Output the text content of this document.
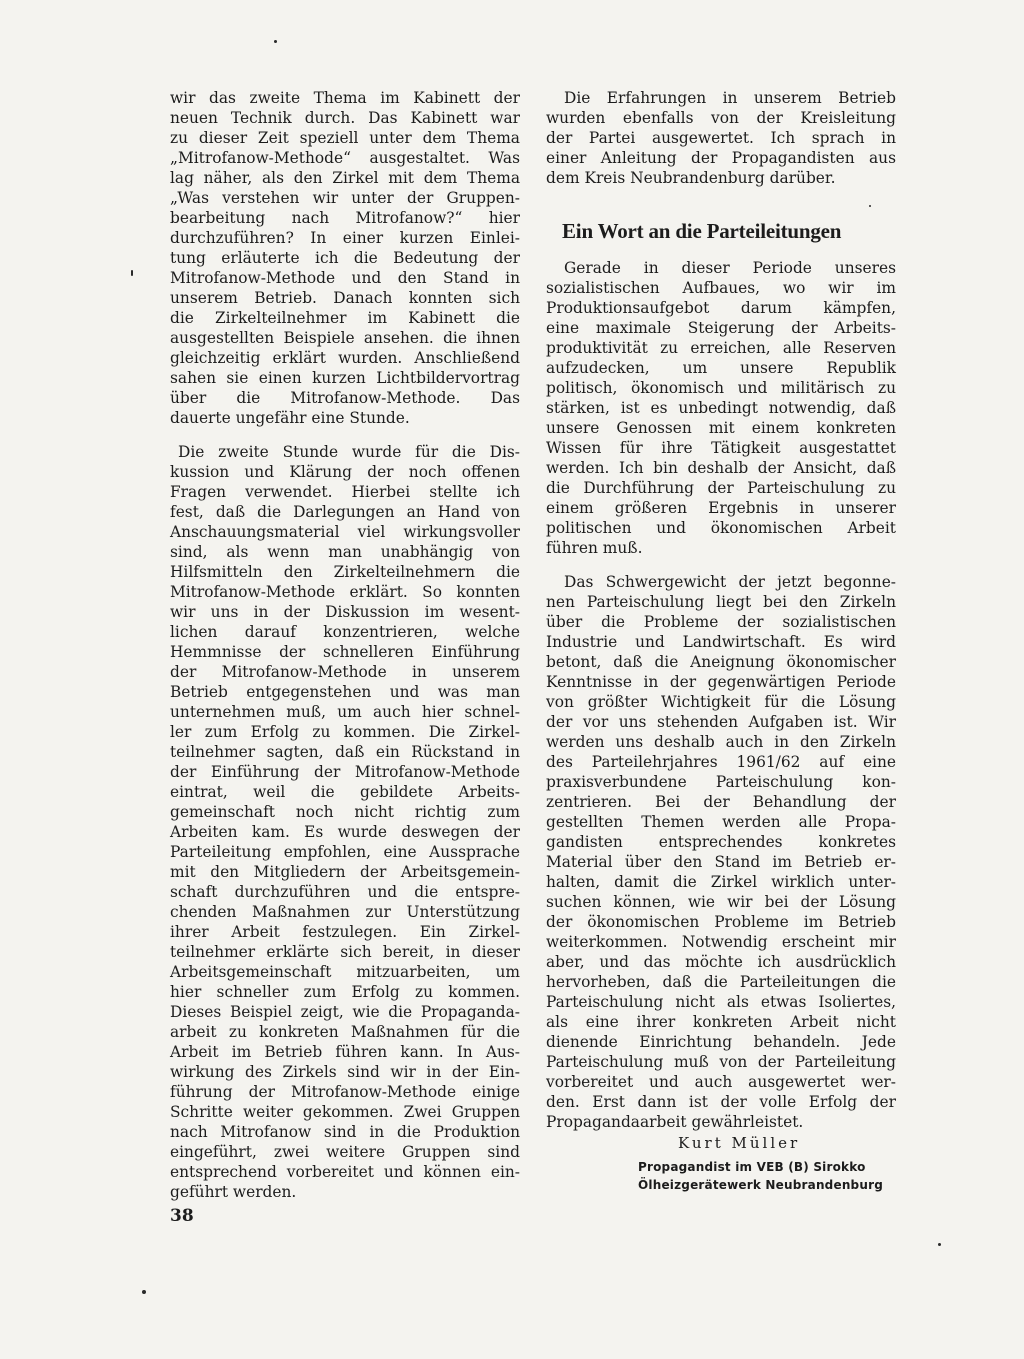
wir das zweite Thema im Kabinett der

neuen Technik durch. Das Kabinett war

zu dieser Zeit speziell unter dem Thema

„Mitrofanow-Methode“ ausgestaltet. Was

lag näher, als den Zirkel mit dem Thema

„Was verstehen wir unter der Gruppen-

bearbeitung nach Mitrofanow?“ hier

durchzuführen? In einer kurzen Einlei-

tung erläuterte ich die Bedeutung der

Mitrofanow-Methode und den Stand in

unserem Betrieb. Danach konnten sich

die Zirkelteilnehmer im Kabinett die

ausgestellten Beispiele ansehen. die ihnen

gleichzeitig erklärt wurden. Anschließend

sahen sie einen kurzen Lichtbildervortrag

über die Mitrofanow-Methode. Das

dauerte ungefähr eine Stunde.

Die zweite Stunde wurde für die Dis-

kussion und Klärung der noch offenen

Fragen verwendet. Hierbei stellte ich

fest, daß die Darlegungen an Hand von

Anschauungsmaterial viel wirkungsvoller

sind, als wenn man unabhängig von

Hilfsmitteln den Zirkelteilnehmern die

Mitrofanow-Methode erklärt. So konnten

wir uns in der Diskussion im wesent-

lichen darauf konzentrieren, welche

Hemmnisse der schnelleren Einführung

der Mitrofanow-Methode in unserem

Betrieb entgegenstehen und was man

unternehmen muß, um auch hier schnel-

ler zum Erfolg zu kommen. Die Zirkel-

teilnehmer sagten, daß ein Rückstand in

der Einführung der Mitrofanow-Methode

eintrat, weil die gebildete Arbeits-

gemeinschaft noch nicht richtig zum

Arbeiten kam. Es wurde deswegen der

Parteileitung empfohlen, eine Aussprache

mit den Mitgliedern der Arbeitsgemein-

schaft durchzuführen und die entspre-

chenden Maßnahmen zur Unterstützung

ihrer Arbeit festzulegen. Ein Zirkel-

teilnehmer erklärte sich bereit, in dieser

Arbeitsgemeinschaft mitzuarbeiten, um

hier schneller zum Erfolg zu kommen.

Dieses Beispiel zeigt, wie die Propaganda-

arbeit zu konkreten Maßnahmen für die

Arbeit im Betrieb führen kann. In Aus-

wirkung des Zirkels sind wir in der Ein-

führung der Mitrofanow-Methode einige

Schritte weiter gekommen. Zwei Gruppen

nach Mitrofanow sind in die Produktion

eingeführt, zwei weitere Gruppen sind

entsprechend vorbereitet und können ein-

geführt werden.

Die Erfahrungen in unserem Betrieb

wurden ebenfalls von der Kreisleitung

der Partei ausgewertet. Ich sprach in

einer Anleitung der Propagandisten aus

dem Kreis Neubrandenburg darüber.

Gerade in dieser Periode unseres

sozialistischen Aufbaues, wo wir im

Produktionsaufgebot darum kämpfen,

eine maximale Steigerung der Arbeits-

produktivität zu erreichen, alle Reserven

aufzudecken, um unsere Republik

politisch, ökonomisch und militärisch zu

stärken, ist es unbedingt notwendig, daß

unsere Genossen mit einem konkreten

Wissen für ihre Tätigkeit ausgestattet

werden. Ich bin deshalb der Ansicht, daß

die Durchführung der Parteischulung zu

einem größeren Ergebnis in unserer

politischen und ökonomischen Arbeit

führen muß.

Das Schwergewicht der jetzt begonne-

nen Parteischulung liegt bei den Zirkeln

über die Probleme der sozialistischen

Industrie und Landwirtschaft. Es wird

betont, daß die Aneignung ökonomischer

Kenntnisse in der gegenwärtigen Periode

von größter Wichtigkeit für die Lösung

der vor uns stehenden Aufgaben ist. Wir

werden uns deshalb auch in den Zirkeln

des Parteilehrjahres 1961/62 auf eine

praxisverbundene Parteischulung kon-

zentrieren. Bei der Behandlung der

gestellten Themen werden alle Propa-

gandisten entsprechendes konkretes

Material über den Stand im Betrieb er-

halten, damit die Zirkel wirklich unter-

suchen können, wie wir bei der Lösung

der ökonomischen Probleme im Betrieb

weiterkommen. Notwendig erscheint mir

aber, und das möchte ich ausdrücklich

hervorheben, daß die Parteileitungen die

Parteischulung nicht als etwas Isoliertes,

als eine ihrer konkreten Arbeit nicht

dienende Einrichtung behandeln. Jede

Parteischulung muß von der Parteileitung

vorbereitet und auch ausgewertet wer-

den. Erst dann ist der volle Erfolg der

Propagandaarbeit gewährleistet.

Ein Wort an die Parteileitungen
Kurt Müller
Propagandist im VEB (B) Sirokko
Ölheizgerätewerk Neubrandenburg
38
